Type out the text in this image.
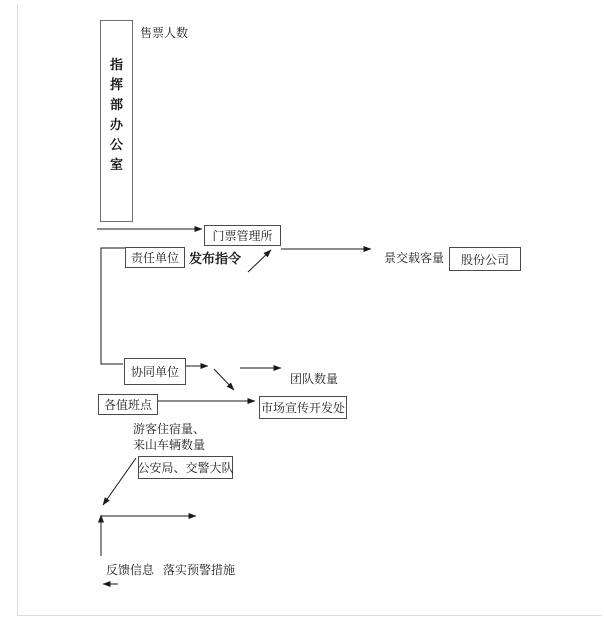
指挥部办公室
门票管理所
责任单位
协同单位
各值班点	市场宣传开发处
公安局、交警大队
股份公司
售票人数
发布指令	景交载客量
团队数量
游客住宿量、
来山车辆数量
反馈信息 落实预警措施
